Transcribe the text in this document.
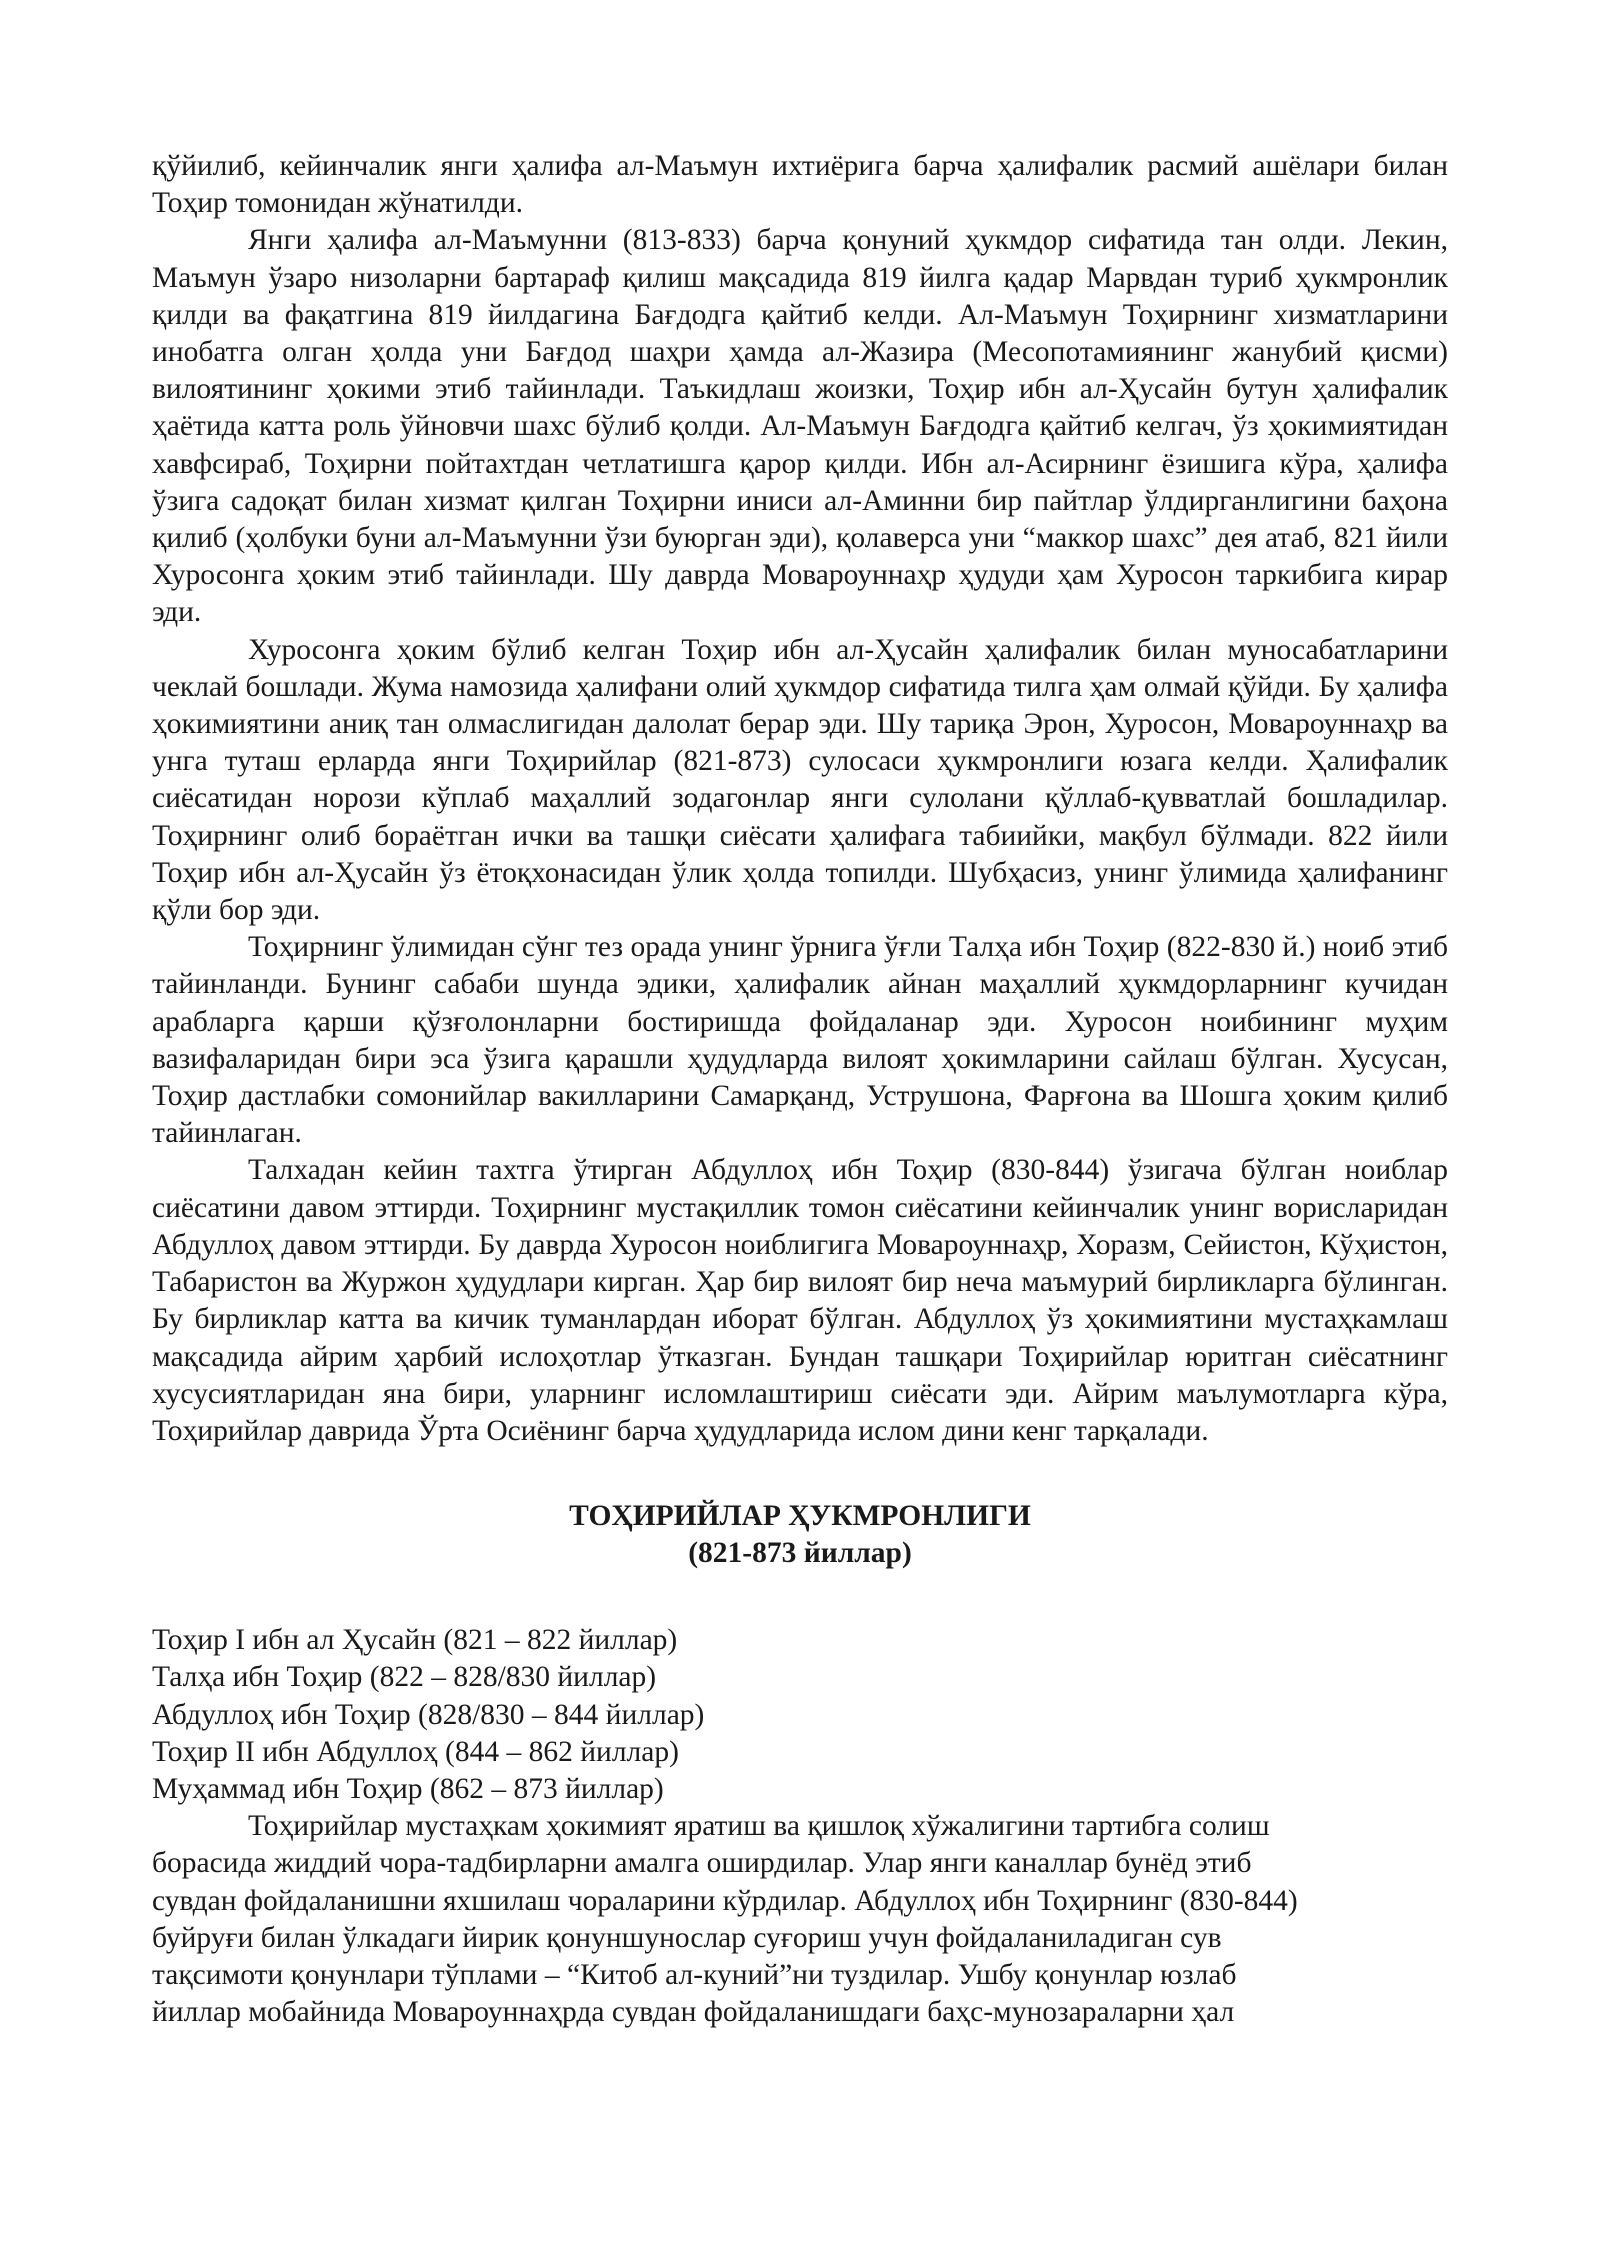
қўйилиб, кейинчалик янги ҳалифа ал-Маъмун ихтиёрига барча ҳалифалик расмий ашёлари билан Тоҳир томонидан жўнатилди.

Янги ҳалифа ал-Маъмунни (813-833) барча қонуний ҳукмдор сифатида тан олди. Лекин, Маъмун ўзаро низоларни бартараф қилиш мақсадида 819 йилга қадар Марвдан туриб ҳукмронлик қилди ва фақатгина 819 йилдагина Бағдодга қайтиб келди. Ал-Маъмун Тоҳирнинг хизматларини инобатга олган ҳолда уни Бағдод шаҳри ҳамда ал-Жазира (Месопотамиянинг жанубий қисми) вилоятининг ҳокими этиб тайинлади. Таъкидлаш жоизки, Тоҳир ибн ал-Ҳусайн бутун ҳалифалик ҳаётида катта роль ўйновчи шахс бўлиб қолди. Ал-Маъмун Бағдодга қайтиб келгач, ўз ҳокимиятидан хавфсираб, Тоҳирни пойтахтдан четлатишга қарор қилди. Ибн ал-Асирнинг ёзишига кўра, ҳалифа ўзига садоқат билан хизмат қилган Тоҳирни иниси ал-Аминни бир пайтлар ўлдирганлигини баҳона қилиб (ҳолбуки буни ал-Маъмунни ўзи буюрган эди), қолаверса уни “маккор шахс” дея атаб, 821 йили Хуросонга ҳоким этиб тайинлади. Шу даврда Мовароуннаҳр ҳудуди ҳам Хуросон таркибига кирар эди.

Хуросонга ҳоким бўлиб келган Тоҳир ибн ал-Ҳусайн ҳалифалик билан муносабатларини чеклай бошлади. Жума намозида ҳалифани олий ҳукмдор сифатида тилга ҳам олмай қўйди. Бу ҳалифа ҳокимиятини аниқ тан олмаслигидан далолат берар эди. Шу тариқа Эрон, Хуросон, Мовароуннаҳр ва унга туташ ерларда янги Тоҳирийлар (821-873) сулосаси ҳукмронлиги юзага келди. Ҳалифалик сиёсатидан норози кўплаб маҳаллий зодагонлар янги сулолани қўллаб-қувватлай бошладилар. Тоҳирнинг олиб бораётган ички ва ташқи сиёсати ҳалифага табиийки, мақбул бўлмади. 822 йили Тоҳир ибн ал-Ҳусайн ўз ётоқхонасидан ўлик ҳолда топилди. Шубҳасиз, унинг ўлимида ҳалифанинг қўли бор эди.

Тоҳирнинг ўлимидан сўнг тез орада унинг ўрнига ўғли Талҳа ибн Тоҳир (822-830 й.) ноиб этиб тайинланди. Бунинг сабаби шунда эдики, ҳалифалик айнан маҳаллий ҳукмдорларнинг кучидан арабларга қарши қўзғолонларни бостиришда фойдаланар эди. Хуросон ноибининг муҳим вазифаларидан бири эса ўзига қарашли ҳудудларда вилоят ҳокимларини сайлаш бўлган. Хусусан, Тоҳир дастлабки сомонийлар вакилларини Самарқанд, Уструшона, Фарғона ва Шошга ҳоким қилиб тайинлаган.

Талхадан кейин тахтга ўтирган Абдуллоҳ ибн Тоҳир (830-844) ўзигача бўлган ноиблар сиёсатини давом эттирди. Тоҳирнинг мустақиллик томон сиёсатини кейинчалик унинг ворисларидан Абдуллоҳ давом эттирди. Бу даврда Хуросон ноиблигига Мовароуннаҳр, Хоразм, Сейистон, Кўҳистон, Табаристон ва Журжон ҳудудлари кирган. Ҳар бир вилоят бир неча маъмурий бирликларга бўлинган. Бу бирликлар катта ва кичик туманлардан иборат бўлган. Абдуллоҳ ўз ҳокимиятини мустаҳкамлаш мақсадида айрим ҳарбий ислоҳотлар ўтказган. Бундан ташқари Тоҳирийлар юритган сиёсатнинг хусусиятларидан яна бири, уларнинг исломлаштириш сиёсати эди. Айрим маълумотларга кўра, Тоҳирийлар даврида Ўрта Осиёнинг барча ҳудудларида ислом дини кенг тарқалади.

ТОҲИРИЙЛАР ҲУКМРОНЛИГИ
(821-873 йиллар)
Тоҳир I ибн ал Ҳусайн (821 – 822 йиллар)
Талҳа ибн Тоҳир (822 – 828/830 йиллар)
Абдуллоҳ ибн Тоҳир (828/830 – 844 йиллар)
Тоҳир II ибн Абдуллоҳ (844 – 862 йиллар)
Муҳаммад ибн Тоҳир (862 – 873 йиллар)
Тоҳирийлар мустаҳкам ҳокимият яратиш ва қишлоқ хўжалигини тартибга солиш
борасида жиддий чора-тадбирларни амалга оширдилар. Улар янги каналлар бунёд этиб
сувдан фойдаланишни яхшилаш чораларини кўрдилар. Абдуллоҳ ибн Тоҳирнинг (830-844)
буйруғи билан ўлкадаги йирик қонуншунослар суғориш учун фойдаланиладиган сув
тақсимоти қонунлари тўплами – “Китоб ал-куний”ни туздилар. Ушбу қонунлар юзлаб
йиллар мобайнида Мовароуннаҳрда сувдан фойдаланишдаги баҳс-мунозараларни ҳал
